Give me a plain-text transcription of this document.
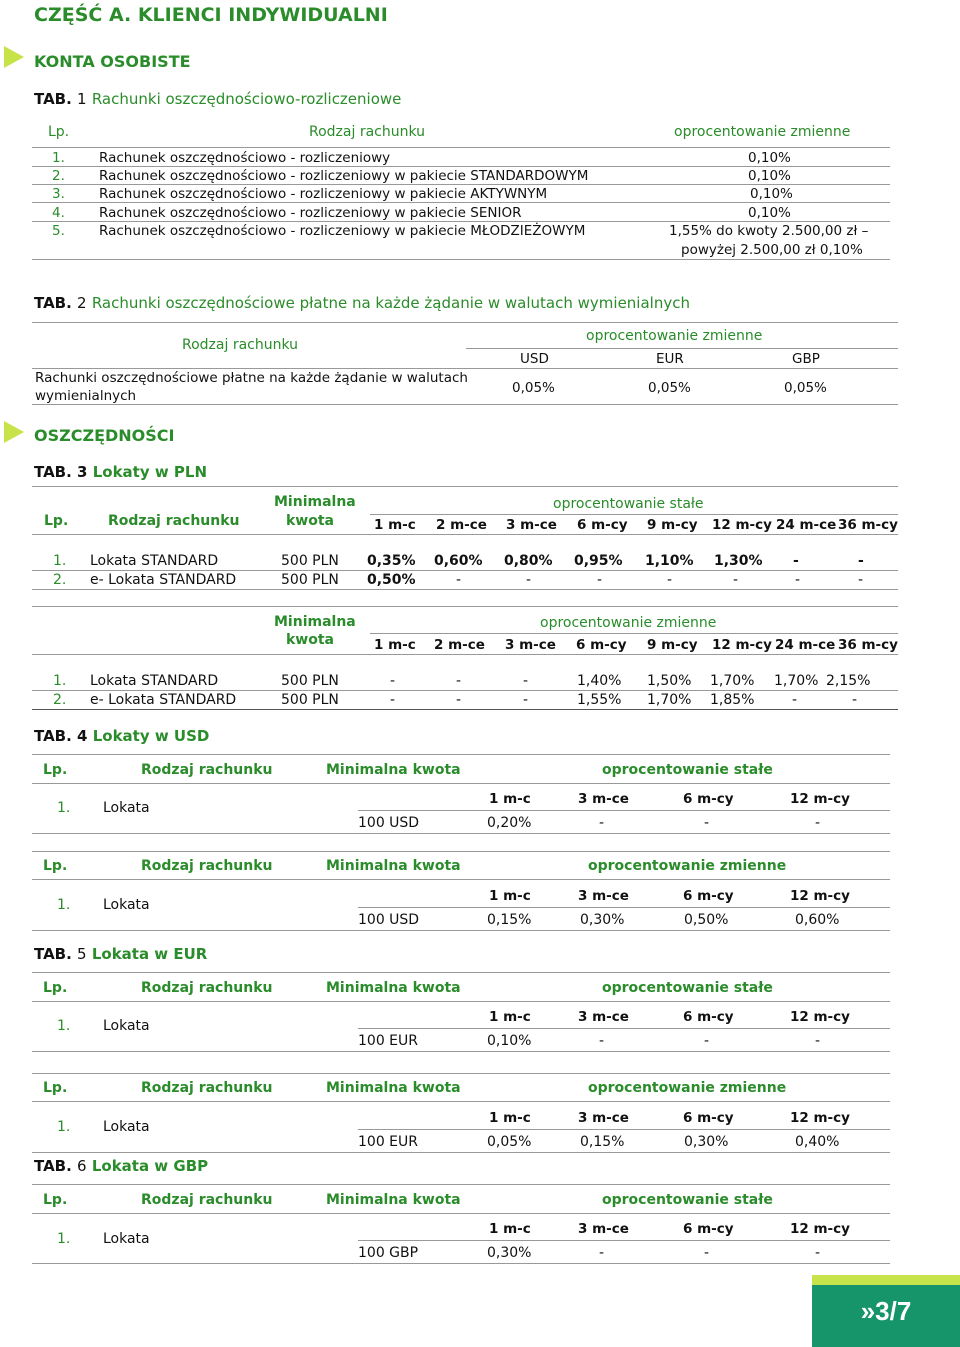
CZĘŚĆ A. KLIENCI INDYWIDUALNI
KONTA OSOBISTE
TAB. 1 Rachunki oszczędnościowo-rozliczeniowe
Lp.	Rodzaj rachunku	oprocentowanie zmienne
1.	Rachunek oszczędnościowo - rozliczeniowy	0,10%
2.	Rachunek oszczędnościowo - rozliczeniowy w pakiecie STANDARDOWYM	0,10%
3.	Rachunek oszczędnościowo - rozliczeniowy w pakiecie AKTYWNYM	0,10%
4.	Rachunek oszczędnościowo - rozliczeniowy w pakiecie SENIOR	0,10%
5.	Rachunek oszczędnościowo - rozliczeniowy w pakiecie MŁODZIEŻOWYM	1,55% do kwoty 2.500,00 zł –
powyżej 2.500,00 zł 0,10%
TAB. 2 Rachunki oszczędnościowe płatne na każde żądanie w walutach wymienialnych
Rodzaj rachunku
oprocentowanie zmienne
USD	EUR	GBP
Rachunki oszczędnościowe płatne na każde żądanie w walutach
wymienialnych	0,05%	0,05%	0,05%
OSZCZĘDNOŚCI
TAB. 3 Lokaty w PLN
Lp.	Rodzaj rachunku
Minimalna
kwota
oprocentowanie stałe
1 m-c 2 m-ce 3 m-ce 6 m-cy 9 m-cy 12 m-cy 24 m-ce 36 m-cy
1. Lokata STANDARD	500 PLN 0,35% 0,60% 0,80% 0,95% 1,10% 1,30% -	-
2. e- Lokata STANDARD	500 PLN 0,50%	-	-	-	-	-	-	-
Minimalna
kwota
oprocentowanie zmienne
1 m-c 2 m-ce 3 m-ce 6 m-cy 9 m-cy 12 m-cy 24 m-ce 36 m-cy
1. Lokata STANDARD	500 PLN	-	-	-	1,40% 1,50% 1,70% 1,70% 2,15%
2. e- Lokata STANDARD	500 PLN	-	-	-	1,55% 1,70% 1,85%	-	-
TAB. 4 Lokaty w USD
Lp.	Rodzaj rachunku	Minimalna kwota	oprocentowanie stałe
1. Lokata
1 m-c	3 m-ce	6 m-cy	12 m-cy
100 USD	0,20%	-	-	-
Lp.	Rodzaj rachunku	Minimalna kwota	oprocentowanie zmienne
1. Lokata
1 m-c	3 m-ce	6 m-cy	12 m-cy
100 USD	0,15%	0,30%	0,50%	0,60%
TAB. 5 Lokata w EUR
Lp.	Rodzaj rachunku	Minimalna kwota	oprocentowanie stałe
1. Lokata
1 m-c	3 m-ce	6 m-cy	12 m-cy
100 EUR	0,10%	-	-	-
Lp.	Rodzaj rachunku	Minimalna kwota	oprocentowanie zmienne
1. Lokata
1 m-c	3 m-ce	6 m-cy	12 m-cy
100 EUR	0,05%	0,15%	0,30%	0,40%
TAB. 6 Lokata w GBP
Lp.	Rodzaj rachunku	Minimalna kwota	oprocentowanie stałe
1. Lokata
1 m-c	3 m-ce	6 m-cy	12 m-cy
100 GBP	0,30%	-	-	-
»3/7
